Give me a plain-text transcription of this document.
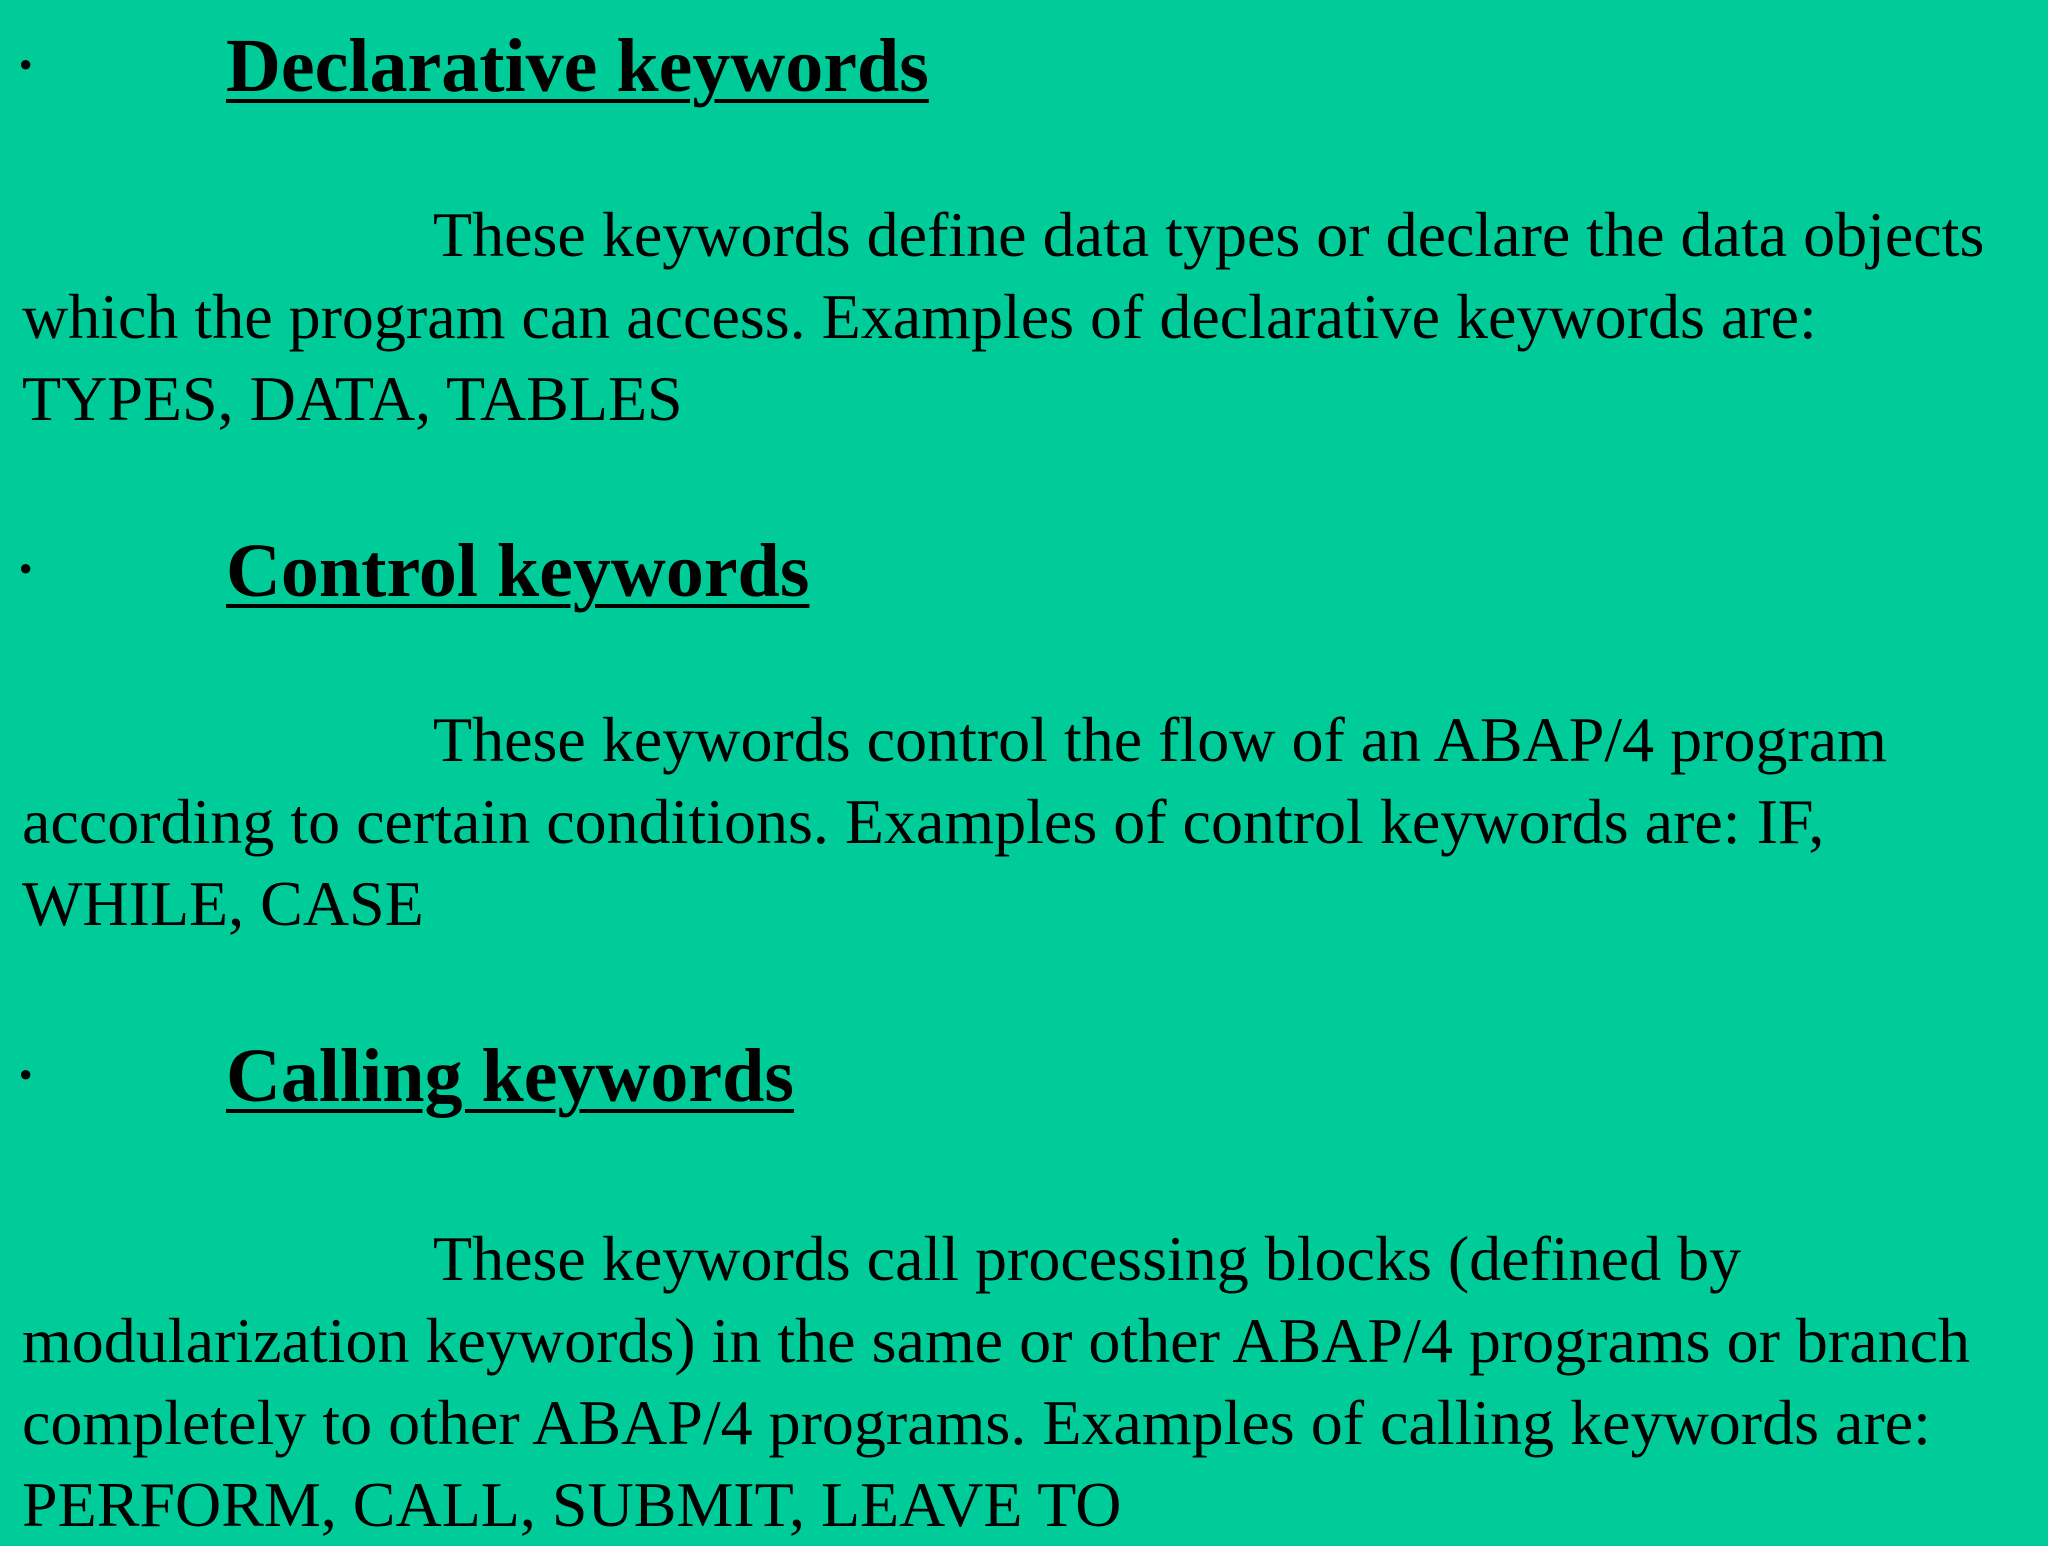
·	Declarative keywords

These keywords define data types or declare the data objects which the program can access. Examples of declarative keywords are: TYPES, DATA, TABLES

·	Control keywords

These keywords control the flow of an ABAP/4 program according to certain conditions. Examples of control keywords are: IF, WHILE, CASE

·	Calling keywords

These keywords call processing blocks (defined by modularization keywords) in the same or other ABAP/4 programs or branch completely to other ABAP/4 programs. Examples of calling keywords are: PERFORM, CALL, SUBMIT, LEAVE TO
